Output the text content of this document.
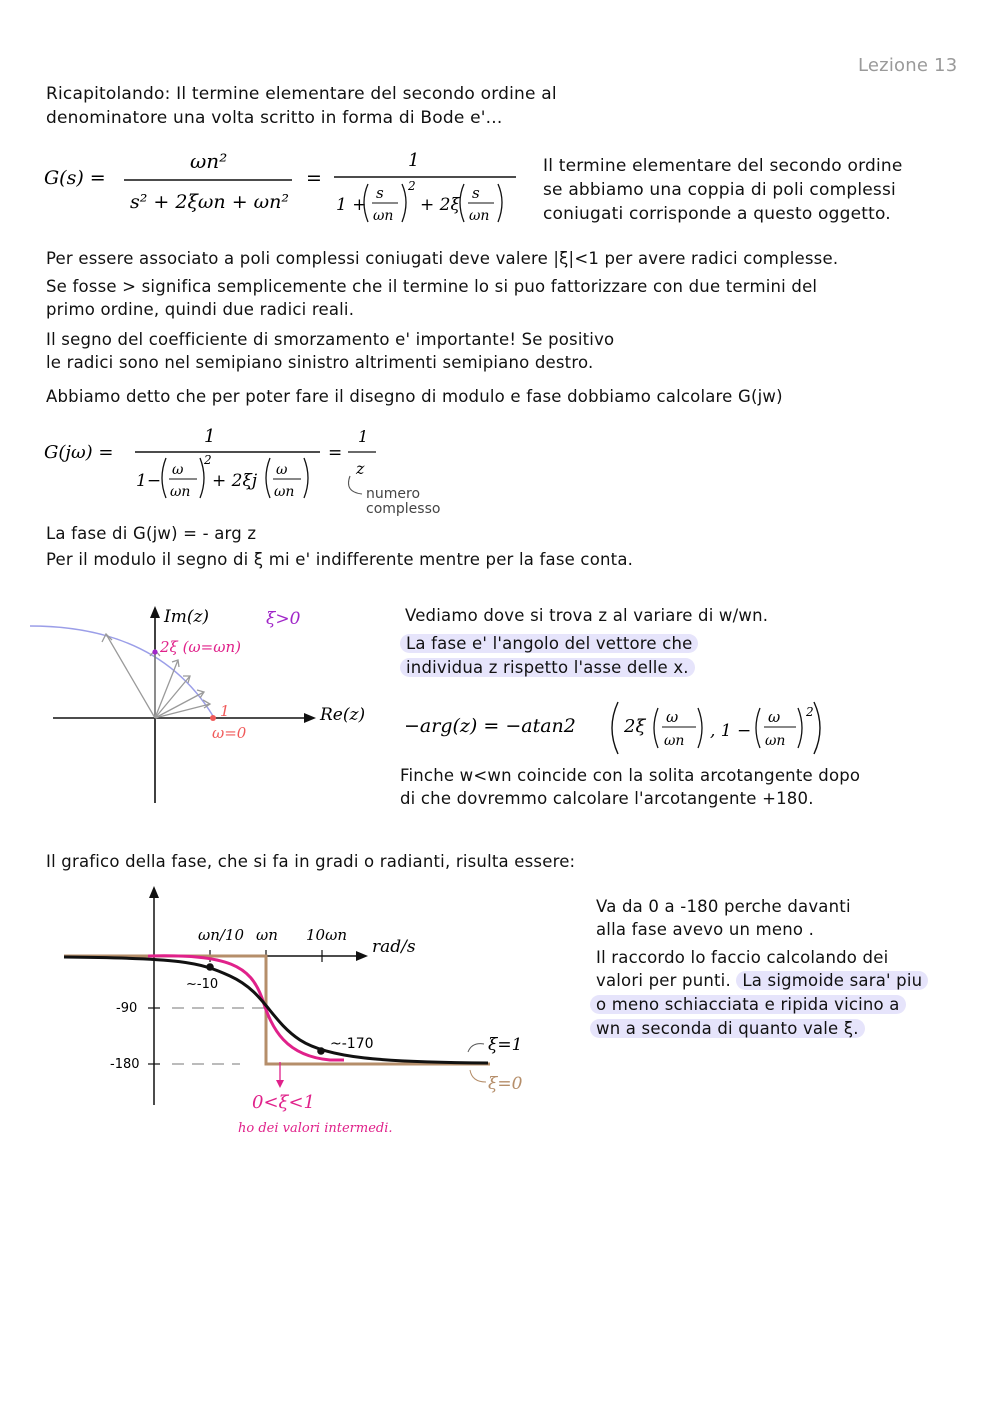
Lezione 13
Ricapitolando: Il termine elementare del secondo ordine al
denominatore una volta scritto in forma di Bode e'...
G(s) =
ωn²
s² + 2ξωn + ωn²
=
1
1 +
s
ωn
2
+ 2ξ
s
ωn
Il termine elementare del secondo ordine
se abbiamo una coppia di poli complessi
coniugati corrisponde a questo oggetto.
Per essere associato a poli complessi coniugati deve valere |ξ|<1 per avere radici complesse.
Se fosse > significa semplicemente che il termine lo si puo fattorizzare con due termini del
primo ordine, quindi due radici reali.
Il segno del coefficiente di smorzamento e' importante! Se positivo
le radici sono nel semipiano sinistro altrimenti semipiano destro.
Abbiamo detto che per poter fare il disegno di modulo e fase dobbiamo calcolare G(jw)
G(jω) =
1
1−
ω
ωn
2
+ 2ξj
ω
ωn
=
1
z
numero
complesso
La fase di G(jw) = - arg z
Per il modulo il segno di ξ mi e' indifferente mentre per la fase conta.
Im(z)	ξ>0
2ξ (ω=ωn)
1
ω=0
Re(z)
Vediamo dove si trova z al variare di w/wn.
La fase e' l'angolo del vettore che
individua z rispetto l'asse delle x.
−arg(z) = −atan2	2ξ ω
ωn , 1 −
ω
ωn
2
Finche w<wn coincide con la solita arcotangente dopo
di che dovremmo calcolare l'arcotangente +180.
Il grafico della fase, che si fa in gradi o radianti, risulta essere:
ωn/10 ωn 10ωn
rad/s
-90
-180
~-10
~-170	ξ=1
ξ=0
0<ξ<1
ho dei valori intermedi.
Va da 0 a -180 perche davanti
alla fase avevo un meno .
Il raccordo lo faccio calcolando dei
valori per punti. La sigmoide sara' piu
o meno schiacciata e ripida vicino a
wn a seconda di quanto vale ξ.
